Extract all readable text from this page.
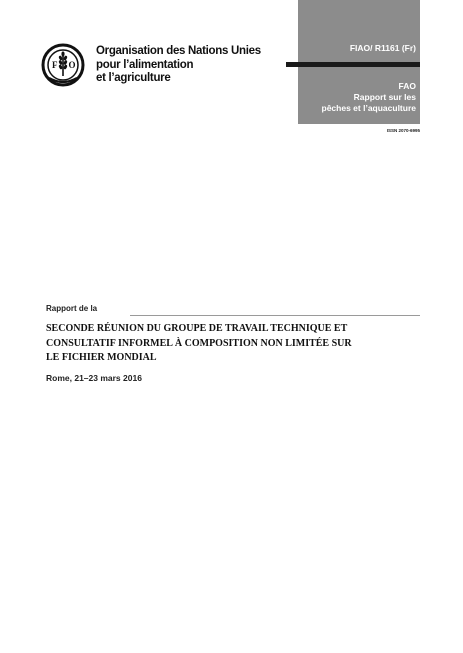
FIAO/ R1161 (Fr)
FAO
Rapport sur les
pêches et l’aquaculture
ISSN 2070-6995
F O
Organisation des Nations Unies
pour l’alimentation
et l’agriculture
Rapport de la
SECONDE RÉUNION DU GROUPE DE TRAVAIL TECHNIQUE ET
CONSULTATIF INFORMEL À COMPOSITION NON LIMITÉE SUR
LE FICHIER MONDIAL
Rome, 21–23 mars 2016
